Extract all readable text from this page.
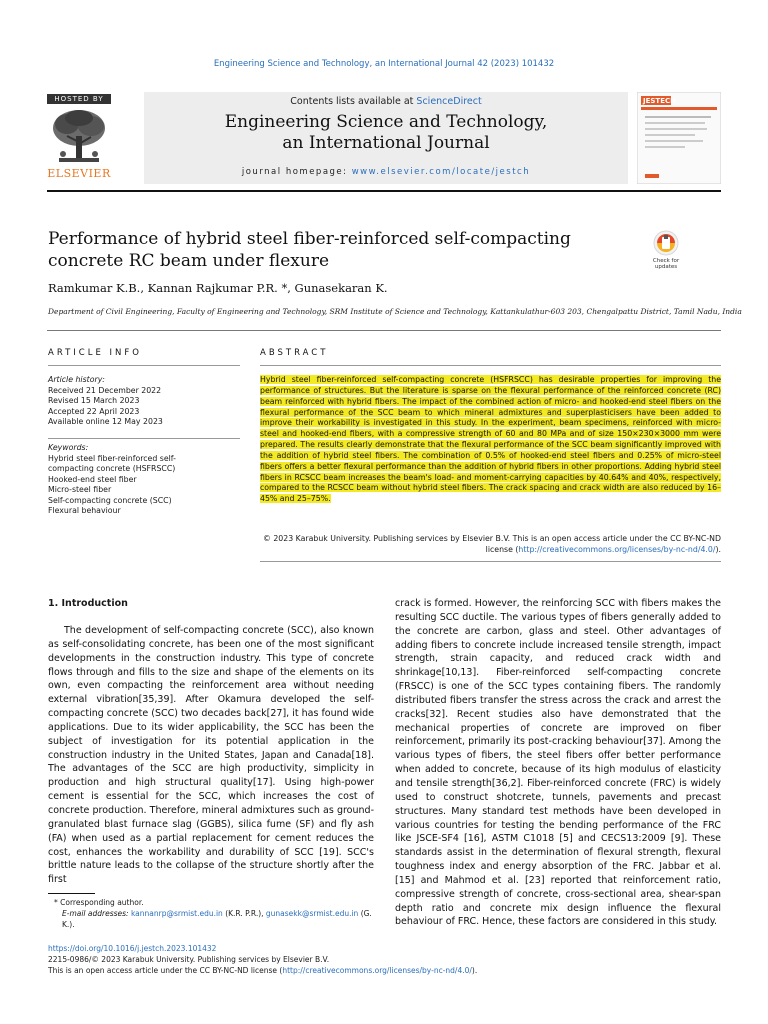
Engineering Science and Technology, an International Journal 42 (2023) 101432
HOSTED BY
ELSEVIER
Contents lists available at ScienceDirect
Engineering Science and Technology,
an International Journal
journal homepage: www.elsevier.com/locate/jestch
JESTECH
Performance of hybrid steel fiber-reinforced self-compacting concrete RC beam under flexure	Check for
updates
Ramkumar K.B., Kannan Rajkumar P.R. *, Gunasekaran K.
Department of Civil Engineering, Faculty of Engineering and Technology, SRM Institute of Science and Technology, Kattankulathur-603 203, Chengalpattu District, Tamil Nadu, India
ARTICLE INFO	ABSTRACT
Article history:
Received 21 December 2022
Revised 15 March 2023
Accepted 22 April 2023
Available online 12 May 2023
Keywords:
Hybrid steel fiber-reinforced self-compacting concrete (HSFRSCC)
Hooked-end steel fiber
Micro-steel fiber
Self-compacting concrete (SCC)
Flexural behaviour
Hybrid steel fiber-reinforced self-compacting concrete (HSFRSCC) has desirable properties for improving the performance of structures. But the literature is sparse on the flexural performance of the reinforced concrete (RC) beam reinforced with hybrid fibers. The impact of the combined action of micro- and hooked-end steel fibers on the flexural performance of the SCC beam to which mineral admixtures and superplasticisers have been added to improve their workability is investigated in this study. In the experiment, beam specimens, reinforced with micro-steel and hooked-end fibers, with a compressive strength of 60 and 80 MPa and of size 150×230×3000 mm were prepared. The results clearly demonstrate that the flexural performance of the SCC beam significantly improved with the addition of hybrid steel fibers. The combination of 0.5% of hooked-end steel fibers and 0.25% of micro-steel fibers offers a better flexural performance than the addition of hybrid fibers in other proportions. Adding hybrid steel fibers in RCSCC beam increases the beam's load- and moment-carrying capacities by 40.64% and 40%, respectively, compared to the RCSCC beam without hybrid steel fibers. The crack spacing and crack width are also reduced by 16–45% and 25–75%.
© 2023 Karabuk University. Publishing services by Elsevier B.V. This is an open access article under the CC BY-NC-ND license (http://creativecommons.org/licenses/by-nc-nd/4.0/).
1. Introduction

The development of self-compacting concrete (SCC), also known as self-consolidating concrete, has been one of the most significant developments in the construction industry. This type of concrete flows through and fills to the size and shape of the elements on its own, even compacting the reinforcement area without needing external vibration[35,39]. After Okamura developed the self-compacting concrete (SCC) two decades back[27], it has found wide applications. Due to its wider applicability, the SCC has been the subject of investigation for its potential application in the construction industry in the United States, Japan and Canada[18]. The advantages of the SCC are high productivity, simplicity in production and high structural quality[17]. Using high-power cement is essential for the SCC, which increases the cost of concrete production. Therefore, mineral admixtures such as ground-granulated blast furnace slag (GGBS), silica fume (SF) and fly ash (FA) when used as a partial replacement for cement reduces the cost, enhances the workability and durability of SCC [19]. SCC's brittle nature leads to the collapse of the structure shortly after the first

crack is formed. However, the reinforcing SCC with fibers makes the resulting SCC ductile. The various types of fibers generally added to the concrete are carbon, glass and steel. Other advantages of adding fibers to concrete include increased tensile strength, impact strength, strain capacity, and reduced crack width and shrinkage[10,13]. Fiber-reinforced self-compacting concrete (FRSCC) is one of the SCC types containing fibers. The randomly distributed fibers transfer the stress across the crack and arrest the cracks[32]. Recent studies also have demonstrated that the mechanical properties of concrete are improved on fiber reinforcement, primarily its post-cracking behaviour[37]. Among the various types of fibers, the steel fibers offer better performance when added to concrete, because of its high modulus of elasticity and tensile strength[36,2]. Fiber-reinforced concrete (FRC) is widely used to construct shotcrete, tunnels, pavements and precast structures. Many standard test methods have been developed in various countries for testing the bending performance of the FRC like JSCE-SF4 [16], ASTM C1018 [5] and CECS13:2009 [9]. These standards assist in the determination of flexural strength, flexural toughness index and energy absorption of the FRC. Jabbar et al. [15] and Mahmod et al. [23] reported that reinforcement ratio, compressive strength of concrete, cross-sectional area, shear-span depth ratio and concrete mix design influence the flexural behaviour of FRC. Hence, these factors are considered in this study.

* Corresponding author.
E-mail addresses: kannanrp@srmist.edu.in (K.R. P.R.), gunasekk@srmist.edu.in (G. K.).
https://doi.org/10.1016/j.jestch.2023.101432
2215-0986/© 2023 Karabuk University. Publishing services by Elsevier B.V.
This is an open access article under the CC BY-NC-ND license (http://creativecommons.org/licenses/by-nc-nd/4.0/).
